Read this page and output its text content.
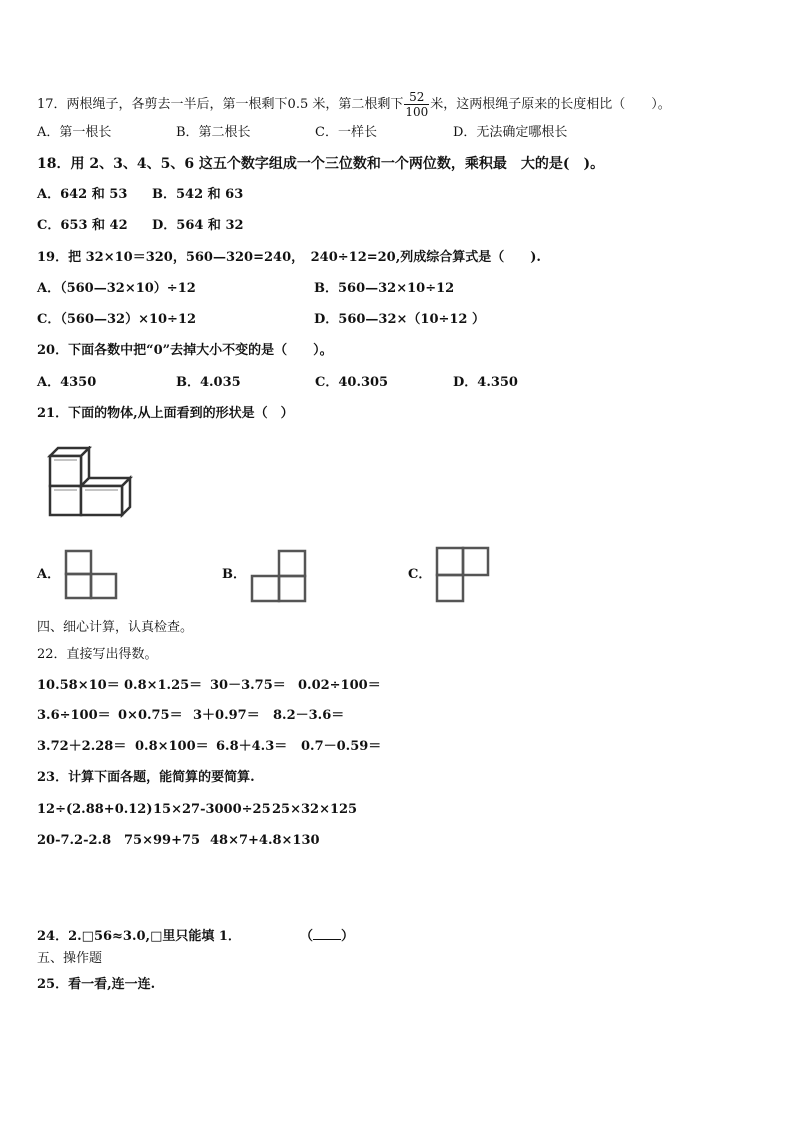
17．两根绳子，各剪去一半后，第一根剩下0.5 米，第二根剩下 $\frac{52}{100}$ 米，这两根绳子原来的长度相比（　　）。
A．第一根长	B．第二根长	C．一样长	D．无法确定哪根长
18．用 2、3、4、5、6 这五个数字组成一个三位数和一个两位数，乘积最　大的是(　)。
A．642 和 53 B．542 和 63
C．653 和 42 D．564 和 32
19．把 32×10＝320，560—320=240，　240÷12=20,列成综合算式是（　　).
A．（560—32×10）÷12	B．560—32×10÷12
C．（560—32）×10÷12	D．560—32×（10÷12 ）
20．下面各数中把“0”去掉大小不变的是（　　）。
A．4350	B．4.035	C．40.305	D．4.350
21．下面的物体,从上面看到的形状是（　）
A．	B．	C．
四、细心计算，认真检查。
22．直接写出得数。
10.58×10＝ 0.8×1.25＝ 30－3.75＝ 0.02÷100＝
3.6÷100＝ 0×0.75＝ 3＋0.97＝ 8.2－3.6＝
3.72＋2.28＝ 0.8×100＝ 6.8＋4.3＝ 0.7－0.59＝
23．计算下面各题，能简算的要简算.
12÷(2.88+0.12) 15×27-3000÷25 25×32×125
20-7.2-2.8 75×99+75 48×7+4.8×130
24．2.□56≈3.0,□里只能填 1．	（ ）
五、操作题
25．看一看,连一连.
